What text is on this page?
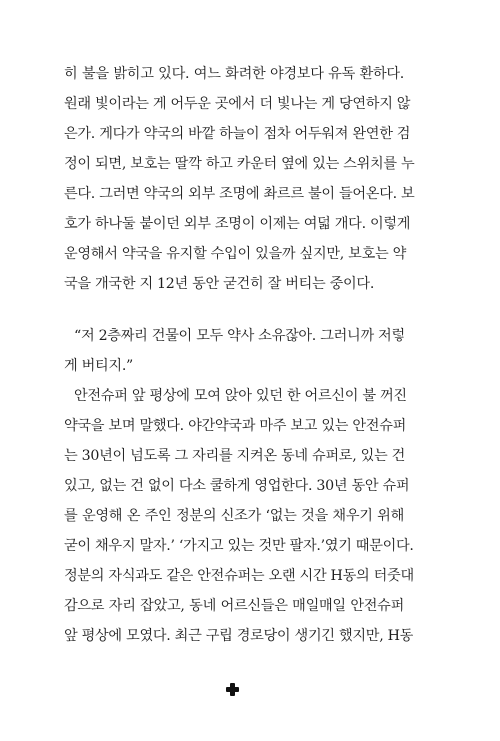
히 불을 밝히고 있다. 여느 화려한 야경보다 유독 환하다.
원래 빛이라는 게 어두운 곳에서 더 빛나는 게 당연하지 않
은가. 게다가 약국의 바깥 하늘이 점차 어두워져 완연한 검
정이 되면, 보호는 딸깍 하고 카운터 옆에 있는 스위치를 누
른다. 그러면 약국의 외부 조명에 촤르르 불이 들어온다. 보
호가 하나둘 붙이던 외부 조명이 이제는 여덟 개다. 이렇게
운영해서 약국을 유지할 수입이 있을까 싶지만, 보호는 약
국을 개국한 지 12년 동안 굳건히 잘 버티는 중이다.
“저 2층짜리 건물이 모두 약사 소유잖아. 그러니까 저렇
게 버티지.”
안전슈퍼 앞 평상에 모여 앉아 있던 한 어르신이 불 꺼진
약국을 보며 말했다. 야간약국과 마주 보고 있는 안전슈퍼
는 30년이 넘도록 그 자리를 지켜온 동네 슈퍼로, 있는 건
있고, 없는 건 없이 다소 쿨하게 영업한다. 30년 동안 슈퍼
를 운영해 온 주인 정분의 신조가 ‘없는 것을 채우기 위해
굳이 채우지 말자.’ ‘가지고 있는 것만 팔자.’였기 때문이다.
정분의 자식과도 같은 안전슈퍼는 오랜 시간 H동의 터줏대
감으로 자리 잡았고, 동네 어르신들은 매일매일 안전슈퍼
앞 평상에 모였다. 최근 구립 경로당이 생기긴 했지만, H동
